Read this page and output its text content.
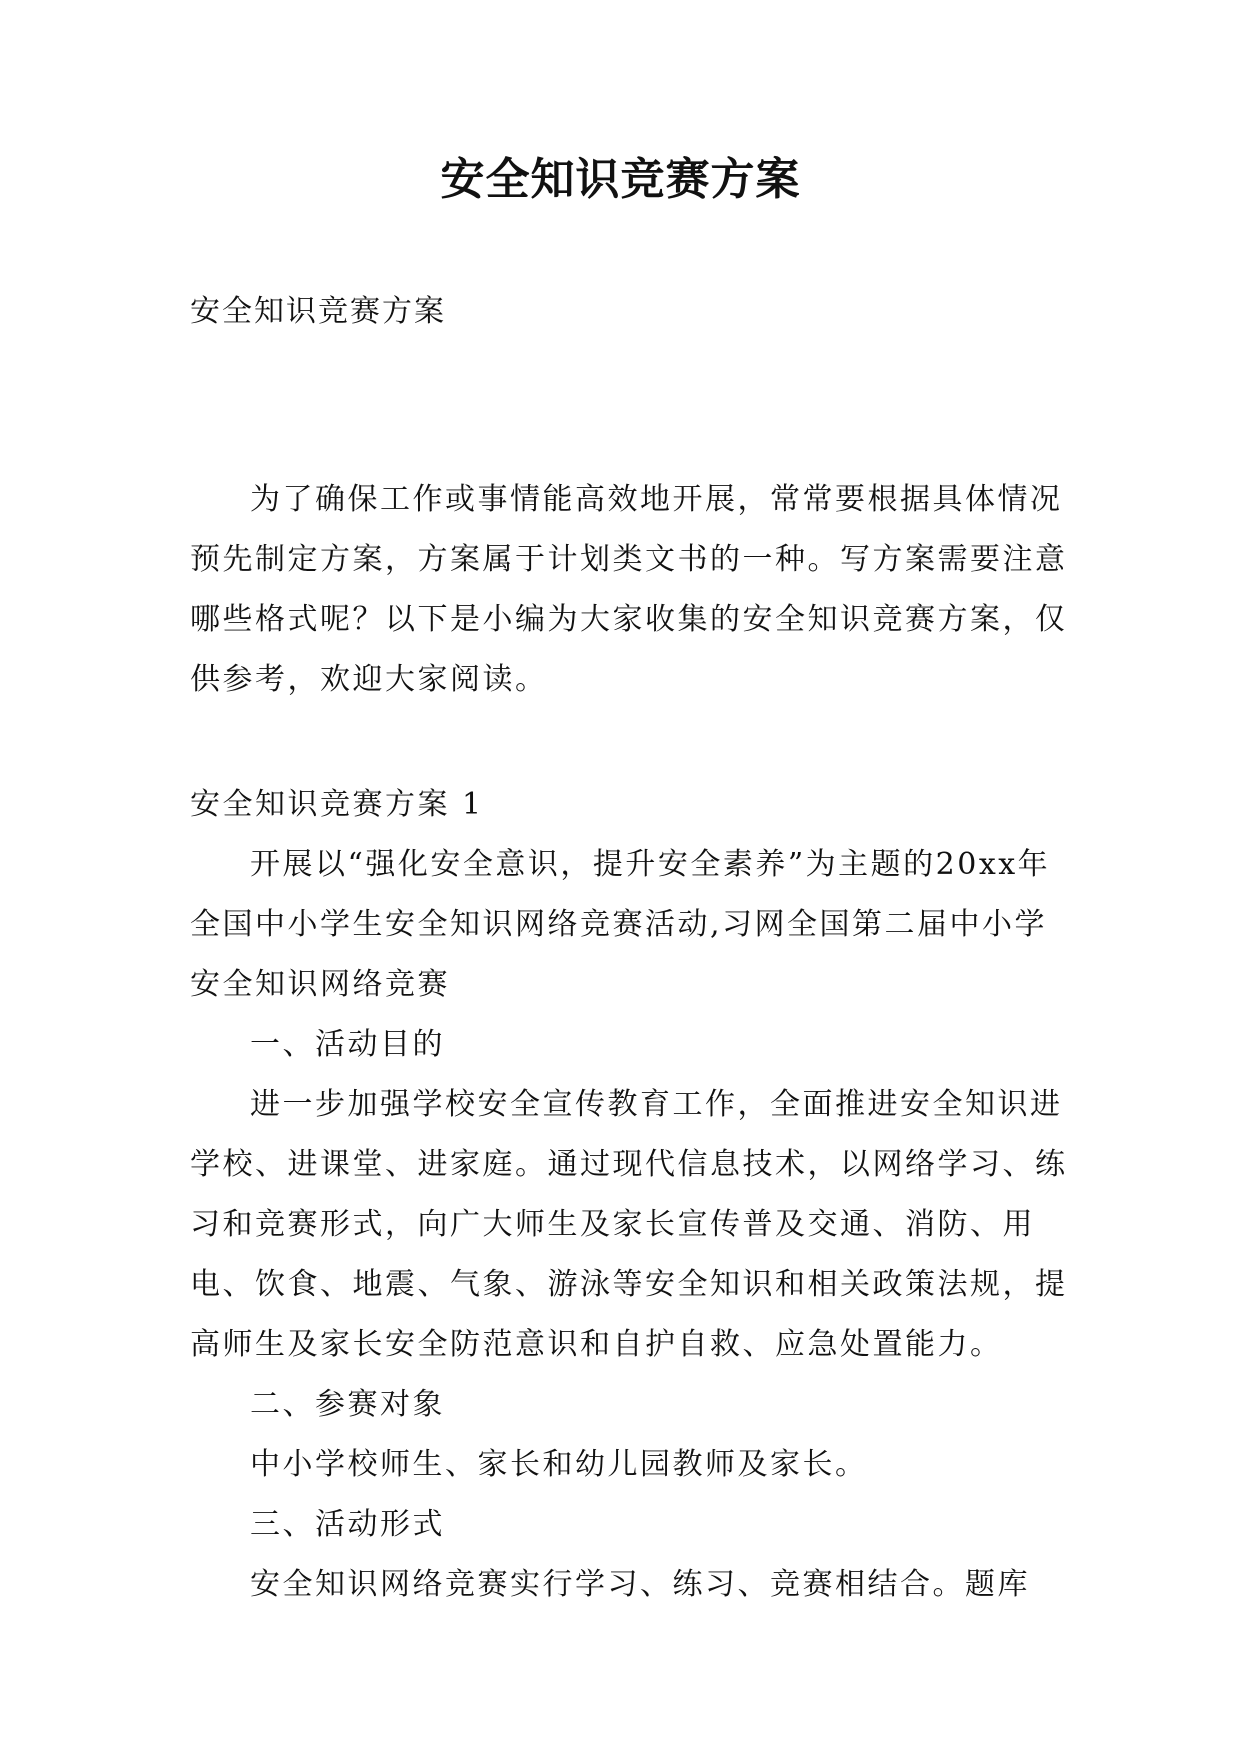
安全知识竞赛方案
安全知识竞赛方案

为了确保工作或事情能高效地开展，常常要根据具体情况预先制定方案，方案属于计划类文书的一种。写方案需要注意哪些格式呢？以下是小编为大家收集的安全知识竞赛方案，仅供参考，欢迎大家阅读。

安全知识竞赛方案 1

开展以“强化安全意识，提升安全素养”为主题的20xx年全国中小学生安全知识网络竞赛活动,习网全国第二届中小学安全知识网络竞赛

一、活动目的

进一步加强学校安全宣传教育工作，全面推进安全知识进学校、进课堂、进家庭。通过现代信息技术，以网络学习、练习和竞赛形式，向广大师生及家长宣传普及交通、消防、用电、饮食、地震、气象、游泳等安全知识和相关政策法规，提高师生及家长安全防范意识和自护自救、应急处置能力。

二、参赛对象

中小学校师生、家长和幼儿园教师及家长。

三、活动形式

安全知识网络竞赛实行学习、练习、竞赛相结合。题库
